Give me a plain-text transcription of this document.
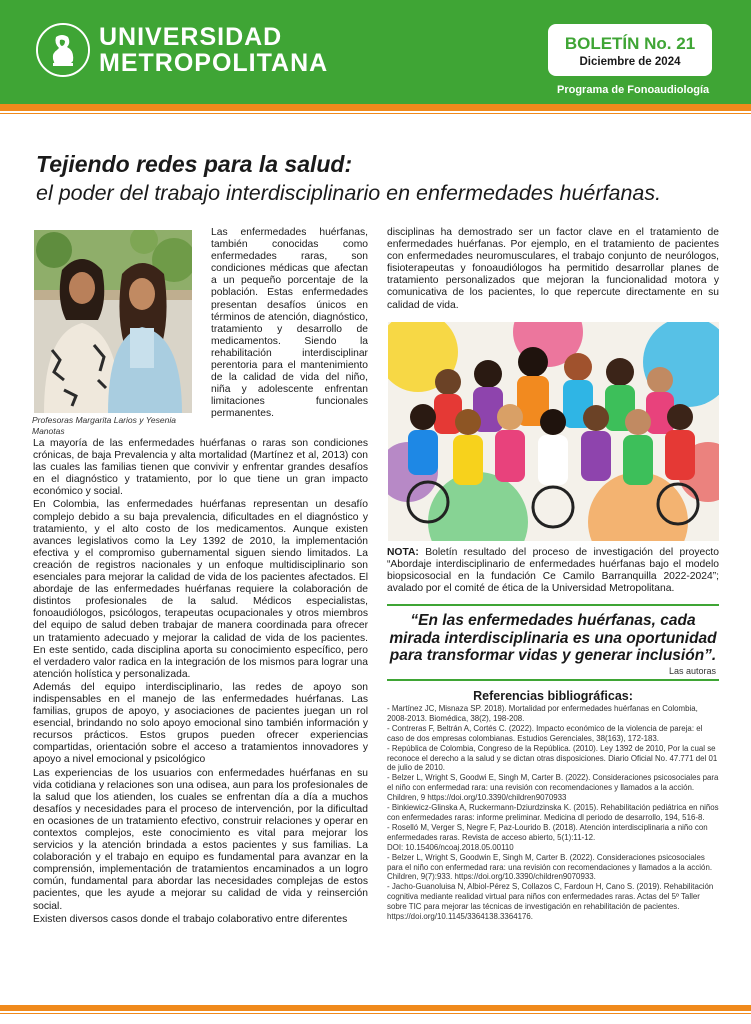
UNIVERSIDAD
METROPOLITANA
BOLETÍN No. 21
Diciembre de 2024
Programa de Fonoaudiología
Tejiendo redes para la salud:
el poder del trabajo interdisciplinario en enfermedades huérfanas.
Profesoras Margarita Larios y Yesenia Manotas
Las enfermedades huérfanas, también conocidas como enfermedades raras, son condiciones médicas que afectan a un pequeño porcentaje de la población. Estas enfermedades presentan desafíos únicos en términos de atención, diagnóstico, tratamiento y desarrollo de medicamentos. Siendo la rehabilitación interdisciplinar perentoria para el mantenimiento de la calidad de vida del niño, niña y adolescente enfrentan limitaciones funcionales permanentes.

La mayoría de las enfermedades huérfanas o raras son condiciones crónicas, de baja Prevalencia y alta mortalidad (Martínez et al, 2013) con las cuales las familias tienen que convivir y enfrentar grandes desafíos en el diagnóstico y tratamiento, por lo que tiene un gran impacto económico y social.

En Colombia, las enfermedades huérfanas representan un desafío complejo debido a su baja prevalencia, dificultades en el diagnóstico y tratamiento, y el alto costo de los medicamentos. Aunque existen avances legislativos como la Ley 1392 de 2010, la implementación efectiva y el compromiso gubernamental siguen siendo limitados. La creación de registros nacionales y un enfoque multidisciplinario son esenciales para mejorar la calidad de vida de los pacientes afectados. El abordaje de las enfermedades huérfanas requiere la colaboración de distintos profesionales de la salud. Médicos especialistas, fonoaudiólogos, psicólogos, terapeutas ocupacionales y otros miembros del equipo de salud deben trabajar de manera coordinada para ofrecer un tratamiento adecuado y mejorar la calidad de vida de los pacientes. En este sentido, cada disciplina aporta su conocimiento específico, pero el verdadero valor radica en la integración de los mismos para lograr una atención holística y personalizada.

Además del equipo interdisciplinario, las redes de apoyo son indispensables en el manejo de las enfermedades huérfanas. Las familias, grupos de apoyo, y asociaciones de pacientes juegan un rol esencial, brindando no solo apoyo emocional sino también información y recursos prácticos. Estos grupos pueden ofrecer experiencias compartidas, orientación sobre el acceso a tratamientos innovadores y apoyo a nivel emocional y psicológico

Las experiencias de los usuarios con enfermedades huérfanas en su vida cotidiana y relaciones son una odisea, aun para los profesionales de la salud que los atienden, los cuales se enfrentan día a día a muchos desafíos y necesidades para el proceso de intervención, por la dificultad en ocasiones de un tratamiento efectivo, construir relaciones y operar en contextos complejos, este conocimiento es vital para mejorar los servicios y la atención brindada a estos pacientes y sus familias. La colaboración y el trabajo en equipo es fundamental para avanzar en la comprensión, implementación de tratamientos encaminados a un logro común, fundamental para abordar las necesidades complejas de estos pacientes, que les ayude a mejorar su calidad de vida y reinserción social.

Existen diversos casos donde el trabajo colaborativo entre diferentes

disciplinas ha demostrado ser un factor clave en el tratamiento de enfermedades huérfanas. Por ejemplo, en el tratamiento de pacientes con enfermedades neuromusculares, el trabajo conjunto de neurólogos, fisioterapeutas y fonoaudiólogos ha permitido desarrollar planes de tratamiento personalizados que mejoran la funcionalidad motora y comunicativa de los pacientes, lo que repercute directamente en su calidad de vida.
NOTA: Boletín resultado del proceso de investigación del proyecto “Abordaje interdisciplinario de enfermedades huérfanas bajo el modelo biopsicosocial en la fundación Ce Camilo Barranquilla 2022-2024”; avalado por el comité de ética de la Universidad Metropolitana.
“En las enfermedades huérfanas, cada mirada interdisciplinaria es una oportunidad para transformar vidas y generar inclusión”.
Las autoras
Referencias bibliográficas:
- Martínez JC, Misnaza SP. 2018). Mortalidad por enfermedades huérfanas en Colombia, 2008-2013. Biomédica, 38(2), 198-208.
- Contreras F, Beltrán A, Cortés C. (2022). Impacto económico de la violencia de pareja: el caso de dos empresas colombianas. Estudios Gerenciales, 38(163), 172-183.
- República de Colombia, Congreso de la República. (2010). Ley 1392 de 2010, Por la cual se reconoce el derecho a la salud y se dictan otras disposiciones. Diario Oficial No. 47.771 del 01 de julio de 2010.
- Belzer L, Wright S, Goodwi E, Singh M, Carter B. (2022). Consideraciones psicosociales para el niño con enfermedad rara: una revisión con recomendaciones y llamados a la acción. Children, 9 https://doi.org/10.3390/children9070933
- Binkiewicz-Glinska A, Ruckermann-Dziurdzinska K. (2015). Rehabilitación pediátrica en niños con enfermedades raras: informe preliminar. Medicina dl periodo de desarrollo, 194, 516-8.
- Roselló M, Verger S, Negre F, Paz-Lourido B. (2018). Atención interdisciplinaria a niño con enfermedades raras. Revista de acceso abierto, 5(1):11-12.
DOI: 10.15406/ncoaj.2018.05.00110
- Belzer L, Wright S, Goodwin E, Singh M, Carter B. (2022). Consideraciones psicosociales para el niño con enfermedad rara: una revisión con recomendaciones y llamados a la acción. Children, 9(7):933. https://doi.org/10.3390/children9070933.
- Jacho-Guanoluisa N, Albiol-Pérez S, Collazos C, Fardoun H, Cano S. (2019). Rehabilitación cognitiva mediante realidad virtual para niños con enfermedades raras. Actas del 5º Taller sobre TIC para mejorar las técnicas de investigación en rehabilitación de pacientes. https://doi.org/10.1145/3364138.3364176.
